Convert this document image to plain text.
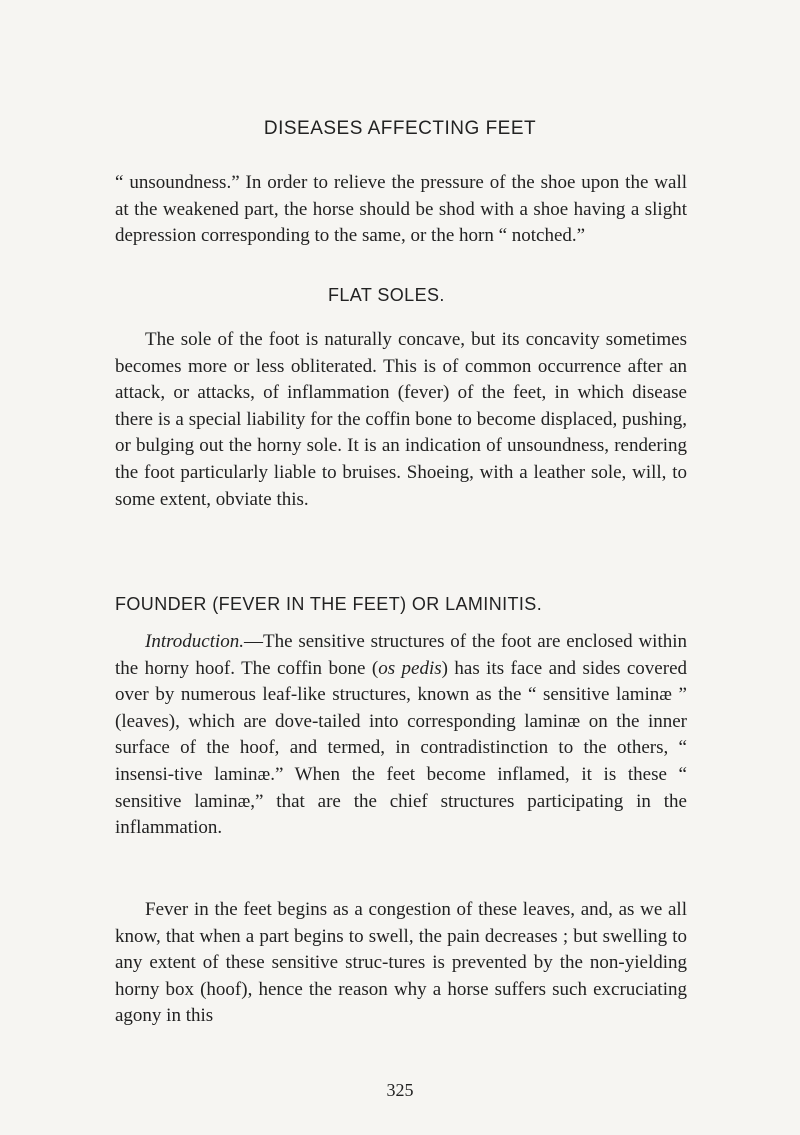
DISEASES AFFECTING FEET

“ unsoundness.” In order to relieve the pressure of the shoe upon the wall at the weakened part, the horse should be shod with a shoe having a slight depression corresponding to the same, or the horn “ notched.”

FLAT SOLES.

The sole of the foot is naturally concave, but its concavity sometimes becomes more or less obliterated. This is of common occurrence after an attack, or attacks, of inflammation (fever) of the feet, in which disease there is a special liability for the coffin bone to become displaced, pushing, or bulging out the horny sole. It is an indication of unsoundness, rendering the foot particularly liable to bruises. Shoeing, with a leather sole, will, to some extent, obviate this.

FOUNDER (FEVER IN THE FEET) OR LAMINITIS.

Introduction.—The sensitive structures of the foot are enclosed within the horny hoof. The coffin bone (os pedis) has its face and sides covered over by numerous leaf-like structures, known as the “ sensitive laminæ ” (leaves), which are dove-tailed into corresponding laminæ on the inner surface of the hoof, and termed, in contradistinction to the others, “ insensi-tive laminæ.” When the feet become inflamed, it is these “ sensitive laminæ,” that are the chief structures participating in the inflammation.

Fever in the feet begins as a congestion of these leaves, and, as we all know, that when a part begins to swell, the pain decreases ; but swelling to any extent of these sensitive struc-tures is prevented by the non-yielding horny box (hoof), hence the reason why a horse suffers such excruciating agony in this

325
